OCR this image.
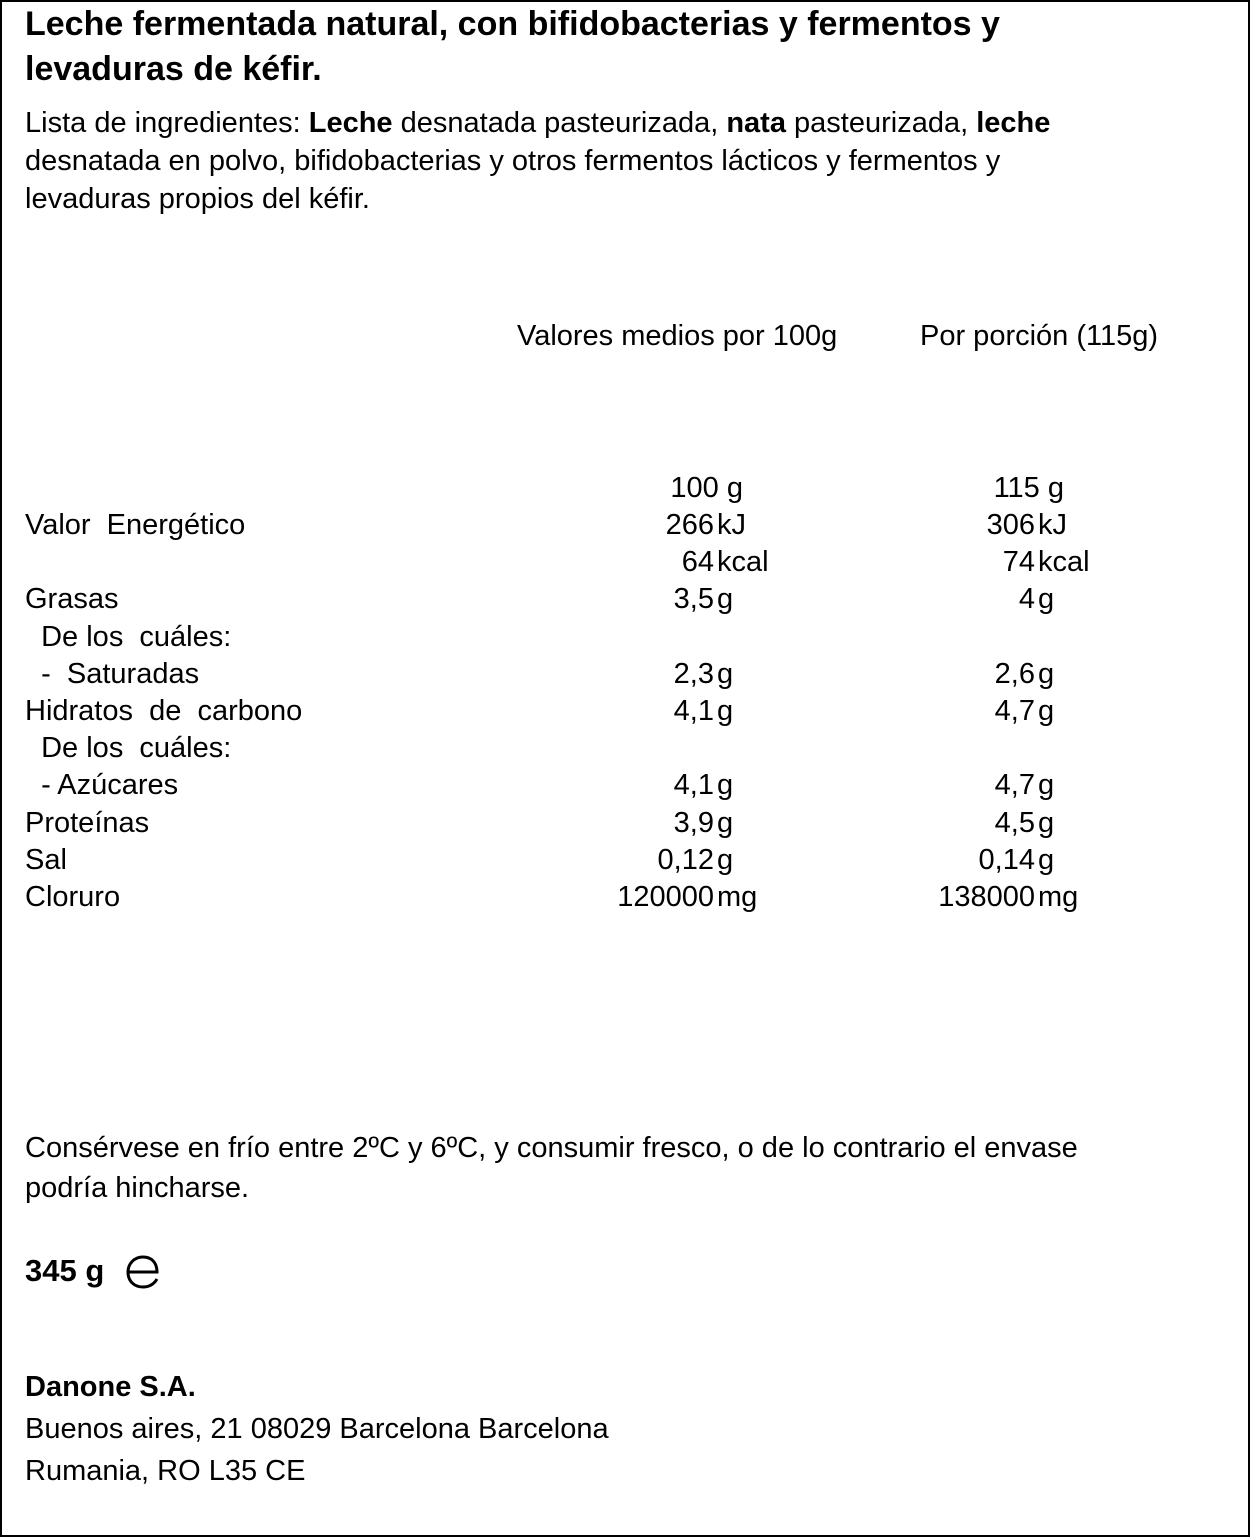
Leche fermentada natural, con bifidobacterias y fermentos y
levaduras de kéfir.
Lista de ingredientes: Leche desnatada pasteurizada, nata pasteurizada, leche
desnatada en polvo, bifidobacterias y otros fermentos lácticos y fermentos y
levaduras propios del kéfir.
Valores medios por 100g	Por porción (115g)
100 g	115 g
Valor  Energético	266 kJ	306 kJ
64 kcal	74 kcal
Grasas	3,5 g	4 g
De los  cuáles:
-  Saturadas	2,3 g	2,6 g
Hidratos  de  carbono	4,1 g	4,7 g
De los  cuáles:
- Azúcares	4,1 g	4,7 g
Proteínas	3,9 g	4,5 g
Sal	0,12 g	0,14 g
Cloruro	120000 mg	138000 mg
Consérvese en frío entre 2ºC y 6ºC, y consumir fresco, o de lo contrario el envase
podría hincharse.
345 g
Danone S.A.
Buenos aires, 21 08029 Barcelona Barcelona
Rumania, RO L35 CE
